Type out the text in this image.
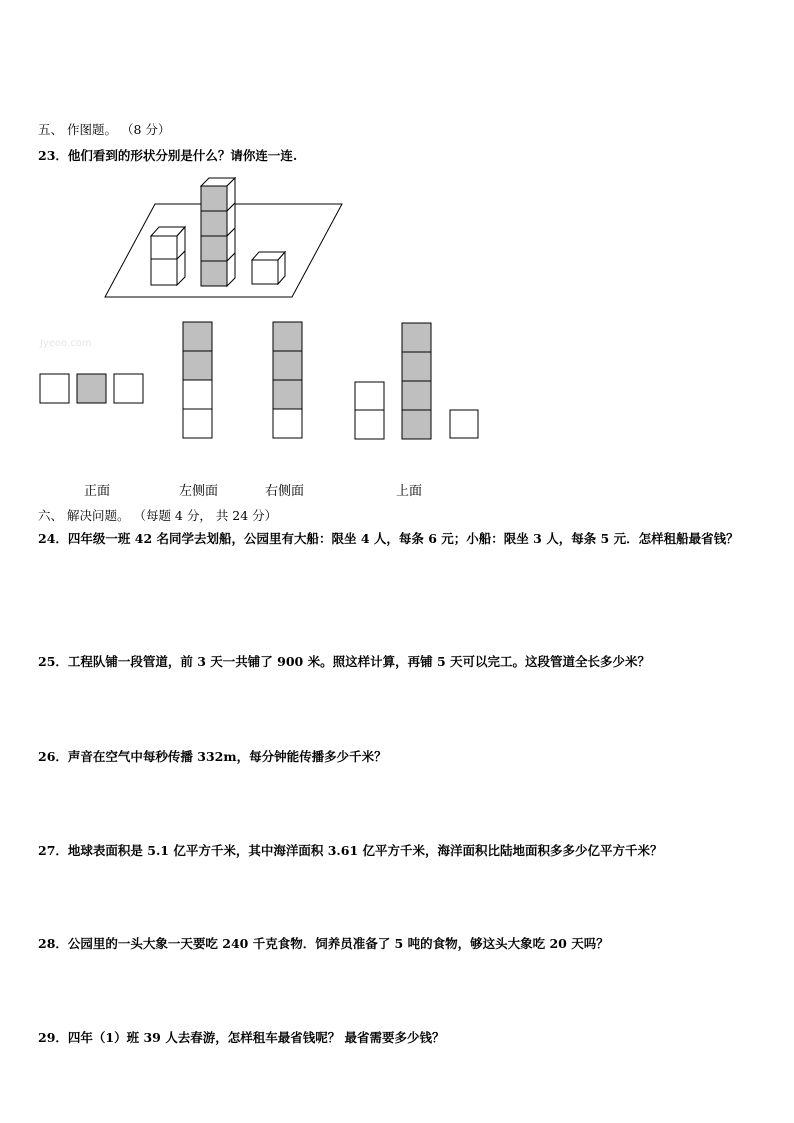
五、 作图题。 （8 分）
23．他们看到的形状分别是什么？请你连一连.
Jyeoo.com
正面	左侧面	右侧面	上面
六、 解决问题。 （每题 4 分， 共 24 分）
24．四年级一班 42 名同学去划船，公园里有大船：限坐 4 人，每条 6 元；小船：限坐 3 人，每条 5 元．怎样租船最省钱？
25．工程队铺一段管道，前 3 天一共铺了 900 米。照这样计算，再铺 5 天可以完工。这段管道全长多少米？
26．声音在空气中每秒传播 332m，每分钟能传播多少千米？
27．地球表面积是 5.1 亿平方千米，其中海洋面积 3.61 亿平方千米，海洋面积比陆地面积多多少亿平方千米？
28．公园里的一头大象一天要吃 240 千克食物．饲养员准备了 5 吨的食物，够这头大象吃 20 天吗？
29．四年（1）班 39 人去春游，怎样租车最省钱呢？ 最省需要多少钱？
